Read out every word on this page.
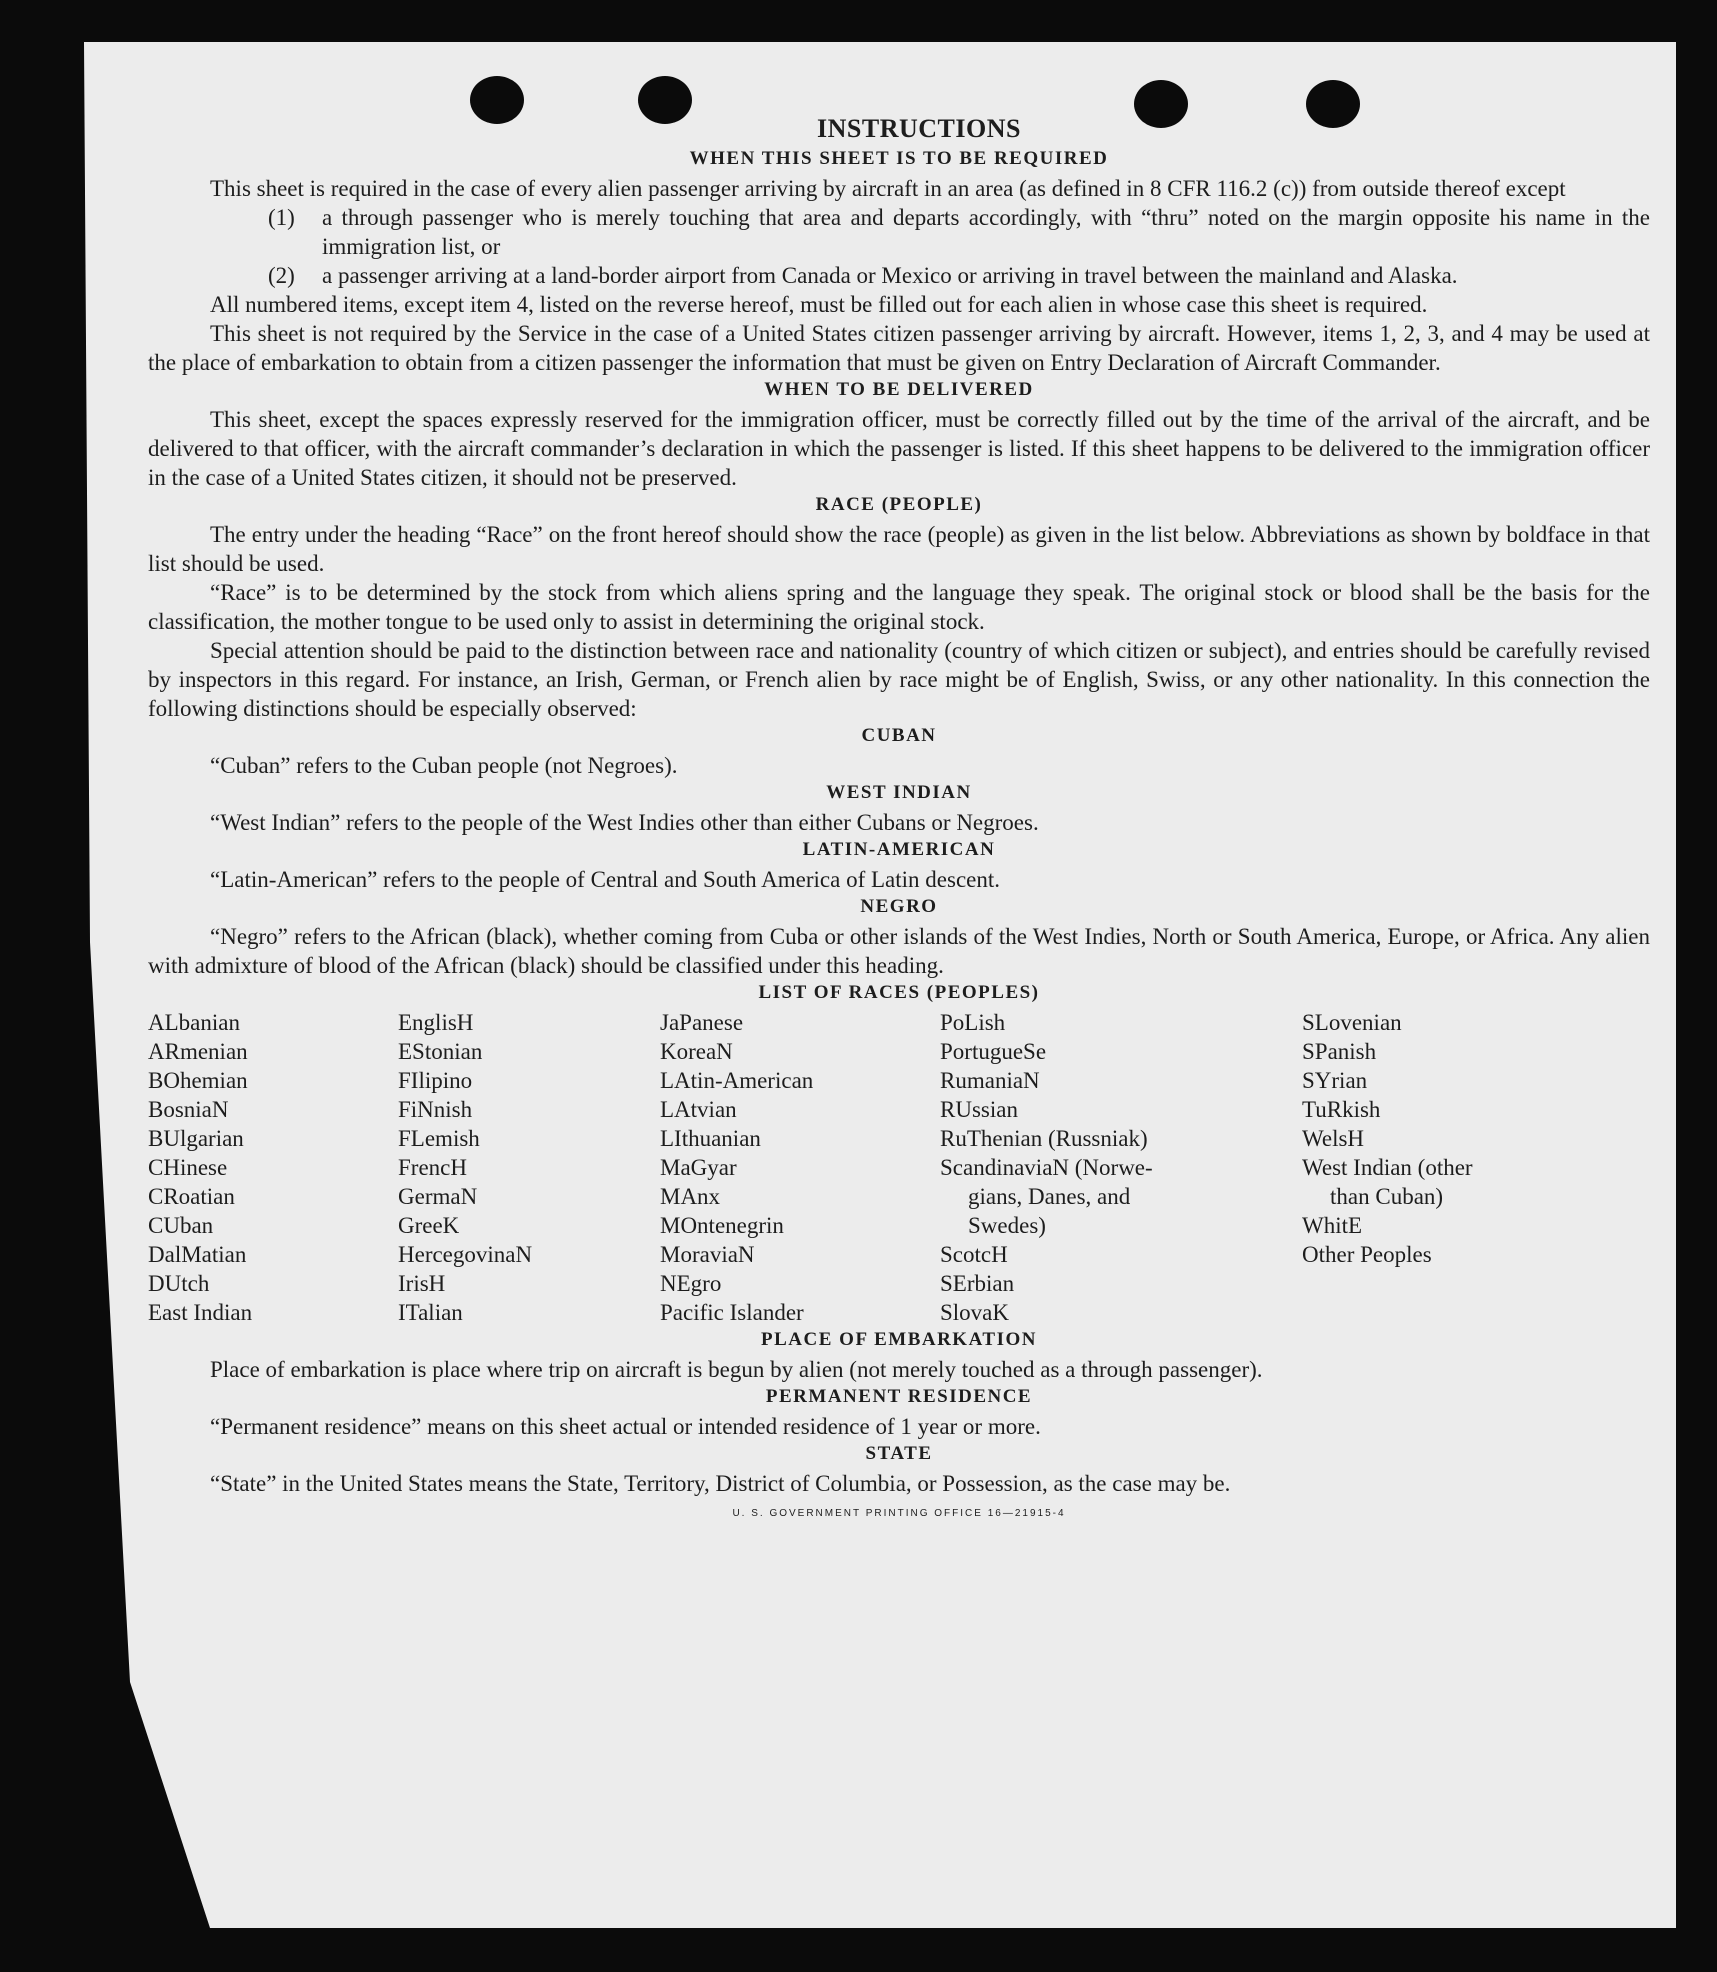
INSTRUCTIONS
WHEN THIS SHEET IS TO BE REQUIRED

This sheet is required in the case of every alien passenger arriving by aircraft in an area (as defined in 8 CFR 116.2 (c)) from outside thereof except

(1)	a through passenger who is merely touching that area and departs accordingly, with “thru” noted on the margin opposite his name in the immigration list, or
(2)	a passenger arriving at a land-border airport from Canada or Mexico or arriving in travel between the mainland and Alaska.

All numbered items, except item 4, listed on the reverse hereof, must be filled out for each alien in whose case this sheet is required.

This sheet is not required by the Service in the case of a United States citizen passenger arriving by aircraft. However, items 1, 2, 3, and 4 may be used at the place of embarkation to obtain from a citizen passenger the information that must be given on Entry Declaration of Aircraft Commander.

WHEN TO BE DELIVERED

This sheet, except the spaces expressly reserved for the immigration officer, must be correctly filled out by the time of the arrival of the aircraft, and be delivered to that officer, with the aircraft commander’s declaration in which the passenger is listed. If this sheet happens to be delivered to the immigration officer in the case of a United States citizen, it should not be preserved.

RACE (PEOPLE)

The entry under the heading “Race” on the front hereof should show the race (people) as given in the list below. Abbreviations as shown by boldface in that list should be used.

“Race” is to be determined by the stock from which aliens spring and the language they speak. The original stock or blood shall be the basis for the classification, the mother tongue to be used only to assist in determining the original stock.

Special attention should be paid to the distinction between race and nationality (country of which citizen or subject), and entries should be carefully revised by inspectors in this regard. For instance, an Irish, German, or French alien by race might be of English, Swiss, or any other nationality. In this connection the following distinctions should be especially observed:

CUBAN

“Cuban” refers to the Cuban people (not Negroes).

WEST INDIAN

“West Indian” refers to the people of the West Indies other than either Cubans or Negroes.

LATIN-AMERICAN

“Latin-American” refers to the people of Central and South America of Latin descent.

NEGRO

“Negro” refers to the African (black), whether coming from Cuba or other islands of the West Indies, North or South America, Europe, or Africa. Any alien with admixture of blood of the African (black) should be classified under this heading.

LIST OF RACES (PEOPLES)
ALbanian
ARmenian
BOhemian
BosniaN
BUlgarian
CHinese
CRoatian
CUban
DalMatian
DUtch
East Indian
EnglisH
EStonian
FIlipino
FiNnish
FLemish
FrencH
GermaN
GreeK
HercegovinaN
IrisH
ITalian
JaPanese
KoreaN
LAtin-American
LAtvian
LIthuanian
MaGyar
MAnx
MOntenegrin
MoraviaN
NEgro
Pacific Islander
PoLish
PortugueSe
RumaniaN
RUssian
RuThenian (Russniak)
ScandinaviaN (Norwe-
gians, Danes, and
Swedes)
ScotcH
SErbian
SlovaK
SLovenian
SPanish
SYrian
TuRkish
WelsH
West Indian (other
than Cuban)
WhitE
Other Peoples
PLACE OF EMBARKATION

Place of embarkation is place where trip on aircraft is begun by alien (not merely touched as a through passenger).

PERMANENT RESIDENCE

“Permanent residence” means on this sheet actual or intended residence of 1 year or more.

STATE

“State” in the United States means the State, Territory, District of Columbia, or Possession, as the case may be.

U. S. GOVERNMENT PRINTING OFFICE 16—21915-4
